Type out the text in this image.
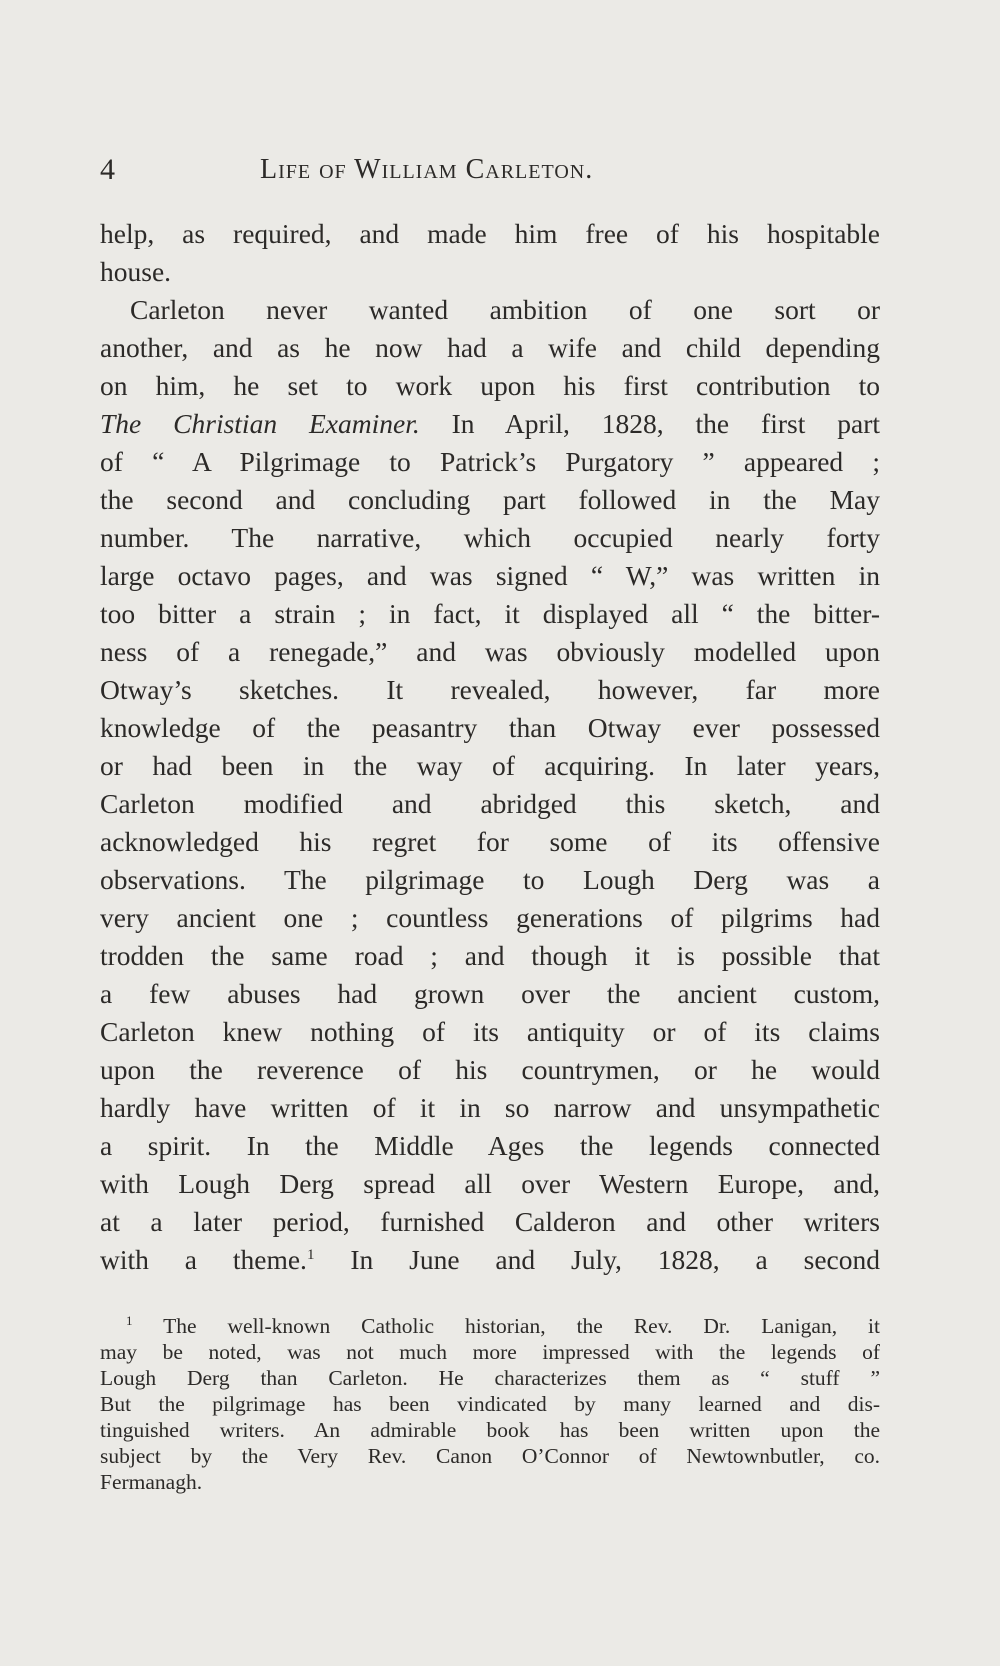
4	Life of William Carleton.
help, as required, and made him free of his hospitable
house.
Carleton never wanted ambition of one sort or
another, and as he now had a wife and child depending
on him, he set to work upon his first contribution to
The Christian Examiner. In April, 1828, the first part
of “ A Pilgrimage to Patrick’s Purgatory ” appeared ;
the second and concluding part followed in the May
number. The narrative, which occupied nearly forty
large octavo pages, and was signed “ W,” was written in
too bitter a strain ; in fact, it displayed all “ the bitter-
ness of a renegade,” and was obviously modelled upon
Otway’s sketches. It revealed, however, far more
knowledge of the peasantry than Otway ever possessed
or had been in the way of acquiring. In later years,
Carleton modified and abridged this sketch, and
acknowledged his regret for some of its offensive
observations. The pilgrimage to Lough Derg was a
very ancient one ; countless generations of pilgrims had
trodden the same road ; and though it is possible that
a few abuses had grown over the ancient custom,
Carleton knew nothing of its antiquity or of its claims
upon the reverence of his countrymen, or he would
hardly have written of it in so narrow and unsympathetic
a spirit. In the Middle Ages the legends connected
with Lough Derg spread all over Western Europe, and,
at a later period, furnished Calderon and other writers
with a theme.$^1$ In June and July, 1828, a second
$^1$ The well-known Catholic historian, the Rev. Dr. Lanigan, it
may be noted, was not much more impressed with the legends of
Lough Derg than Carleton. He characterizes them as “ stuff ”
But the pilgrimage has been vindicated by many learned and dis-
tinguished writers. An admirable book has been written upon the
subject by the Very Rev. Canon O’Connor of Newtownbutler, co.
Fermanagh.
